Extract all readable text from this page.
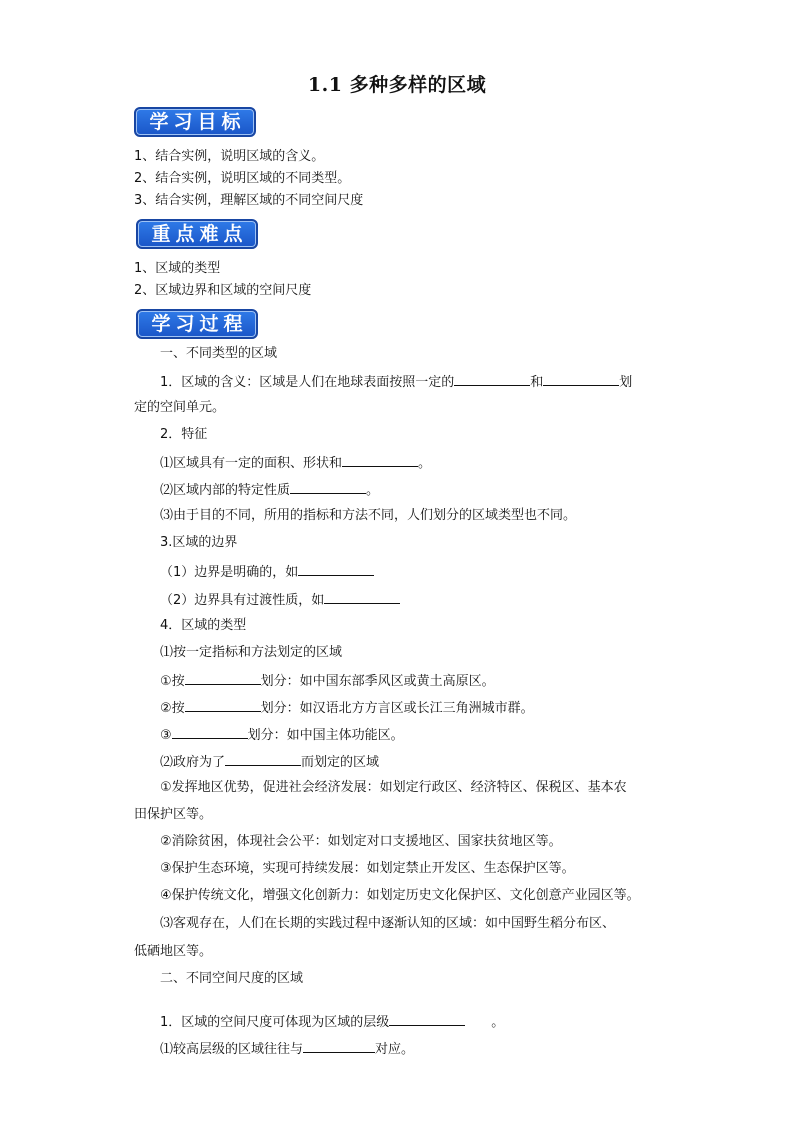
1.1 多种多样的区域
学习目标
1、结合实例，说明区域的含义。
2、结合实例，说明区域的不同类型。
3、结合实例，理解区域的不同空间尺度
重点难点
1、区域的类型
2、区域边界和区域的空间尺度
学习过程
一、不同类型的区域
1．区域的含义：区域是人们在地球表面按照一定的	和	划
定的空间单元。
2．特征
⑴区域具有一定的面积、形状和	。
⑵区域内部的特定性质	。
⑶由于目的不同，所用的指标和方法不同，人们划分的区域类型也不同。
3.区域的边界
（1）边界是明确的，如
（2）边界具有过渡性质，如
4．区域的类型
⑴按一定指标和方法划定的区域
①按	划分：如中国东部季风区或黄土高原区。
②按	划分：如汉语北方方言区或长江三角洲城市群。
③	划分：如中国主体功能区。
⑵政府为了	而划定的区域
①发挥地区优势，促进社会经济发展：如划定行政区、经济特区、保税区、基本农
田保护区等。
②消除贫困，体现社会公平：如划定对口支援地区、国家扶贫地区等。
③保护生态环境，实现可持续发展：如划定禁止开发区、生态保护区等。
④保护传统文化，增强文化创新力：如划定历史文化保护区、文化创意产业园区等。
⑶客观存在，人们在长期的实践过程中逐渐认知的区域：如中国野生稻分布区、
低硒地区等。
二、不同空间尺度的区域
1．区域的空间尺度可体现为区域的层级	。
⑴较高层级的区域往往与	对应。
